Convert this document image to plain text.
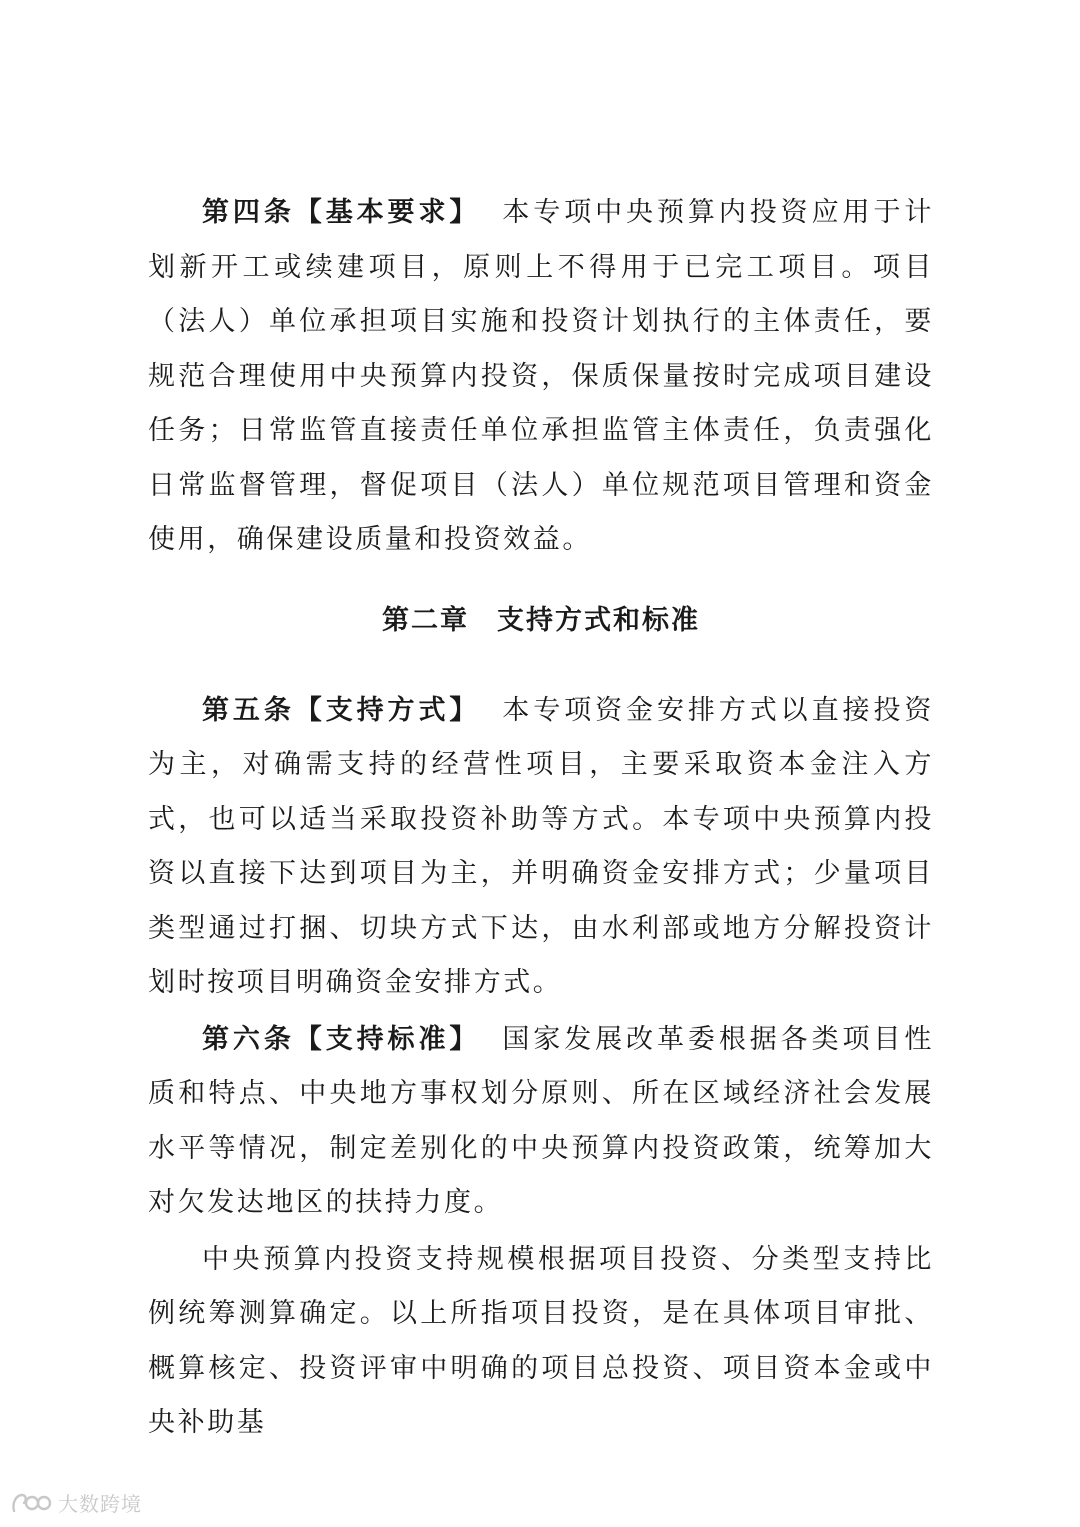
第四条【基本要求】 本专项中央预算内投资应用于计划新开工或续建项目，原则上不得用于已完工项目。项目（法人）单位承担项目实施和投资计划执行的主体责任，要规范合理使用中央预算内投资，保质保量按时完成项目建设任务；日常监管直接责任单位承担监管主体责任，负责强化日常监督管理，督促项目（法人）单位规范项目管理和资金使用，确保建设质量和投资效益。

第二章 支持方式和标准

第五条【支持方式】 本专项资金安排方式以直接投资为主，对确需支持的经营性项目，主要采取资本金注入方式，也可以适当采取投资补助等方式。本专项中央预算内投资以直接下达到项目为主，并明确资金安排方式；少量项目类型通过打捆、切块方式下达，由水利部或地方分解投资计划时按项目明确资金安排方式。

第六条【支持标准】 国家发展改革委根据各类项目性质和特点、中央地方事权划分原则、所在区域经济社会发展水平等情况，制定差别化的中央预算内投资政策，统筹加大对欠发达地区的扶持力度。

中央预算内投资支持规模根据项目投资、分类型支持比例统筹测算确定。以上所指项目投资，是在具体项目审批、概算核定、投资评审中明确的项目总投资、项目资本金或中央补助基

大数跨境
